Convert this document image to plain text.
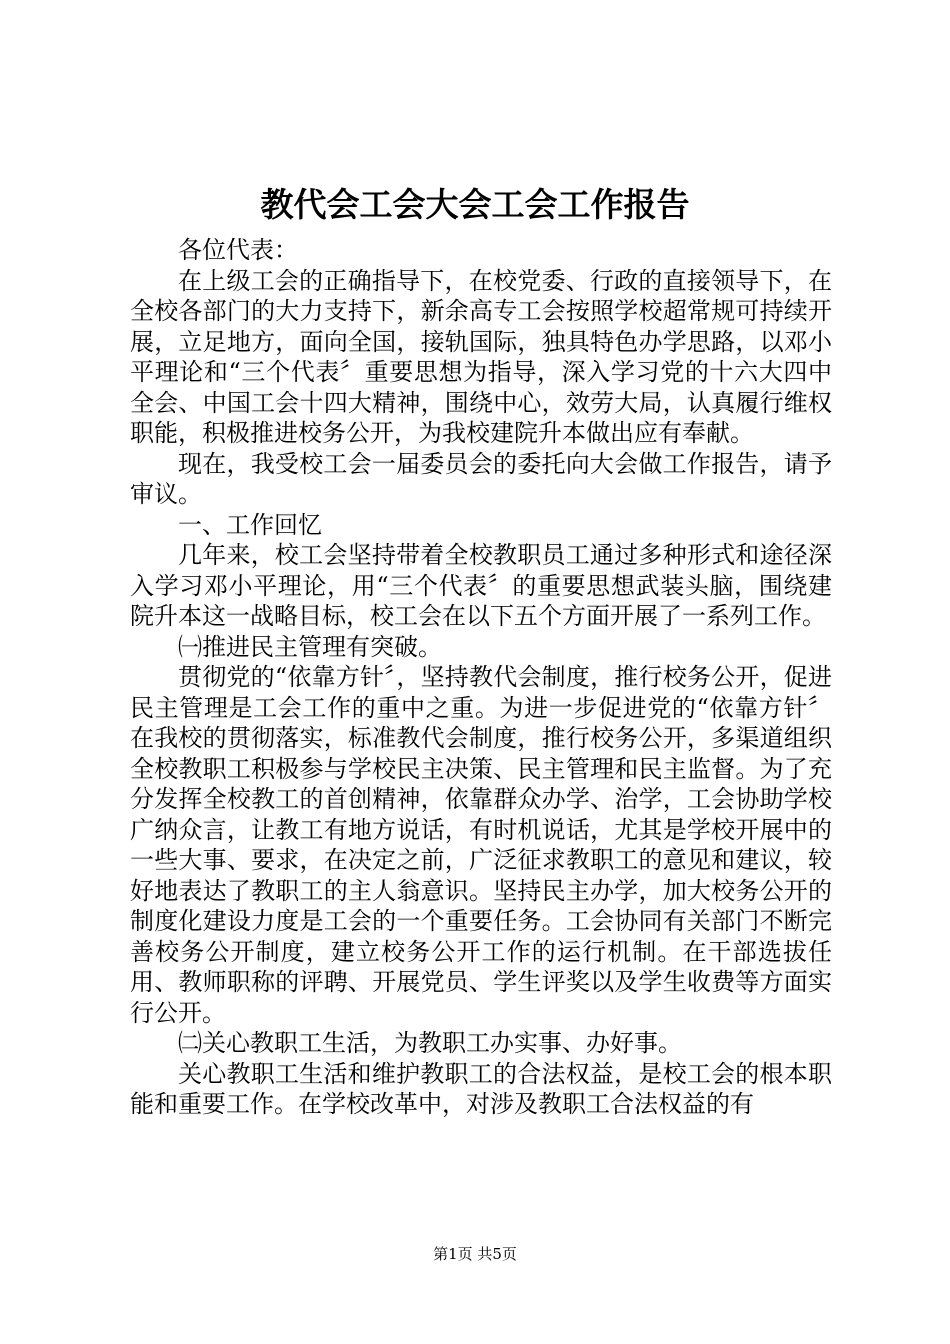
教代会工会大会工会工作报告

各位代表：

在上级工会的正确指导下，在校党委、行政的直接领导下，在全校各部门的大力支持下，新余高专工会按照学校超常规可持续开展，立足地方，面向全国，接轨国际，独具特色办学思路，以邓小平理论和“三个代表〞重要思想为指导，深入学习党的十六大四中全会、中国工会十四大精神，围绕中心，效劳大局，认真履行维权职能，积极推进校务公开，为我校建院升本做出应有奉献。

现在，我受校工会一届委员会的委托向大会做工作报告，请予审议。

一、工作回忆

几年来，校工会坚持带着全校教职员工通过多种形式和途径深入学习邓小平理论，用“三个代表〞的重要思想武装头脑，围绕建院升本这一战略目标，校工会在以下五个方面开展了一系列工作。

㈠推进民主管理有突破。

贯彻党的“依靠方针〞，坚持教代会制度，推行校务公开，促进民主管理是工会工作的重中之重。为进一步促进党的“依靠方针〞在我校的贯彻落实，标准教代会制度，推行校务公开，多渠道组织全校教职工积极参与学校民主决策、民主管理和民主监督。为了充分发挥全校教工的首创精神，依靠群众办学、治学，工会协助学校广纳众言，让教工有地方说话，有时机说话，尤其是学校开展中的一些大事、要求，在决定之前，广泛征求教职工的意见和建议，较好地表达了教职工的主人翁意识。坚持民主办学，加大校务公开的制度化建设力度是工会的一个重要任务。工会协同有关部门不断完善校务公开制度，建立校务公开工作的运行机制。在干部选拔任用、教师职称的评聘、开展党员、学生评奖以及学生收费等方面实行公开。

㈡关心教职工生活，为教职工办实事、办好事。

关心教职工生活和维护教职工的合法权益，是校工会的根本职能和重要工作。在学校改革中，对涉及教职工合法权益的有

第1页 共5页
